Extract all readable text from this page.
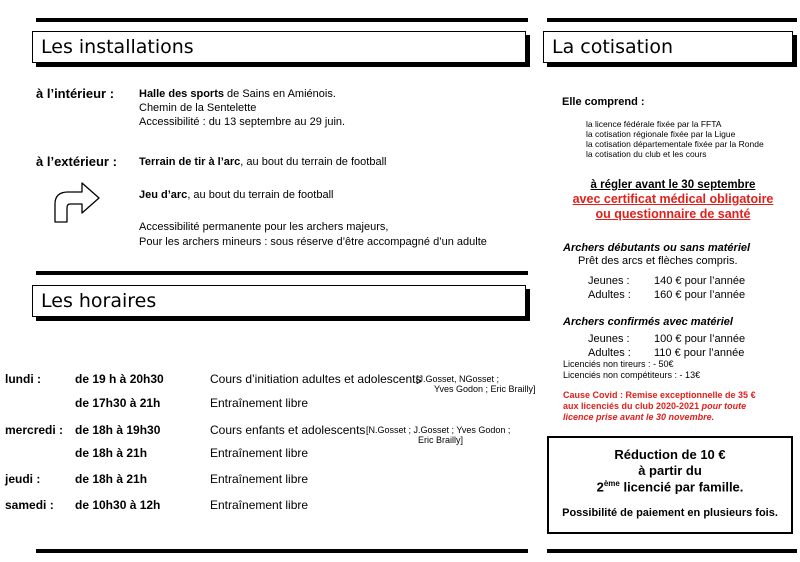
Les installations
à l’intérieur : Halle des sports de Sains en Amiénois.
Chemin de la Sentelette
Accessibilité : du 13 septembre au 29 juin.
à l’extérieur : Terrain de tir à l’arc, au bout du terrain de football
Jeu d’arc, au bout du terrain de football
Accessibilité permanente pour les archers majeurs,
Pour les archers mineurs : sous réserve d’être accompagné d’un adulte
Les horaires
lundi :	de 19 h à 20h30	Cours d’initiation adultes et adolescents
[J.Gosset, NGosset ;
Yves Godon ; Eric Brailly]
de 17h30 à 21h	Entraînement libre
mercredi : de 18h à 19h30	Cours enfants et adolescents [N.Gosset ; J.Gosset ; Yves Godon ;
Eric Brailly]
de 18h à 21h	Entraînement libre
jeudi :	de 18h à 21h	Entraînement libre
samedi : de 10h30 à 12h	Entraînement libre
La cotisation
Elle comprend :
la licence fédérale fixée par la FFTA
la cotisation régionale fixée par la Ligue
la cotisation départementale fixée par la Ronde
la cotisation du club et les cours
à régler avant le 30 septembre
avec certificat médical obligatoire
ou questionnaire de santé
Archers débutants ou sans matériel
Prêt des arcs et flèches compris.
Jeunes : 140 € pour l’année
Adultes : 160 € pour l’année
Archers confirmés avec matériel
Jeunes : 100 € pour l’année
Adultes : 110 € pour l’année
Licenciés non tireurs : - 50€
Licenciés non compétiteurs : - 13€
Cause Covid : Remise exceptionnelle de 35 €
aux licenciés du club 2020-2021 pour toute
licence prise avant le 30 novembre.
Réduction de 10 €
à partir du
2ème licencié par famille.
Possibilité de paiement en plusieurs fois.
